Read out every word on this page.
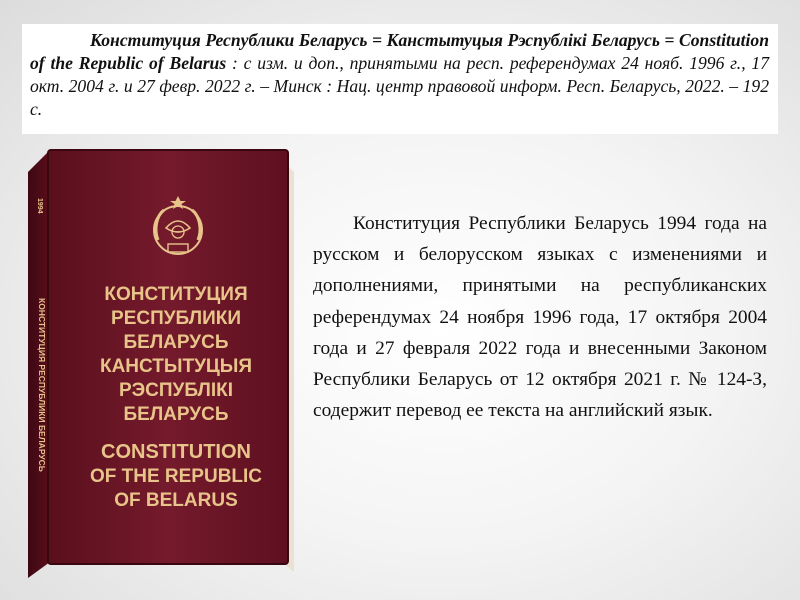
Конституция Республики Беларусь = Канстытуцыя Рэспублікі Беларусь = Constitution of the Republic of Belarus : с изм. и доп., принятыми на респ. референдумах 24 нояб. 1996 г., 17 окт. 2004 г. и 27 февр. 2022 г. – Минск : Нац. центр правовой информ. Респ. Беларусь, 2022. – 192 с.
1994
КОНСТИТУЦИЯ РЕСПУБЛИКИ БЕЛАРУСЬ
КОНСТИТУЦИЯ
РЕСПУБЛИКИ
БЕЛАРУСЬ
КАНСТЫТУЦЫЯ
РЭСПУБЛІКІ
БЕЛАРУСЬ
CONSTITUTION
OF THE REPUBLIC
OF BELARUS
Конституция Республики Беларусь 1994 года на русском и белорусском языках с изменениями и дополнениями, принятыми на республиканских референдумах 24 ноября 1996 года, 17 октября 2004 года и 27 февраля 2022 года и внесенными Законом Республики Беларусь от 12 октября 2021 г. № 124-З, содержит перевод ее текста на английский язык.
